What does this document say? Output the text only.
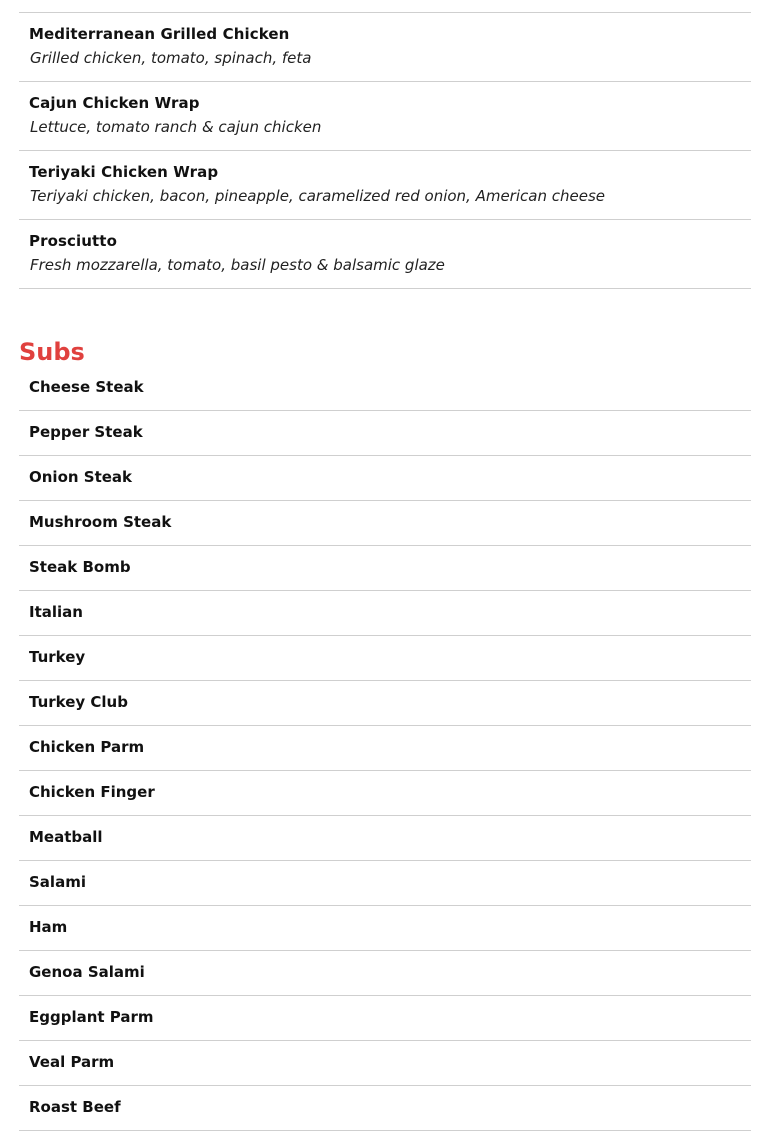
Mediterranean Grilled Chicken
Grilled chicken, tomato, spinach, feta
Cajun Chicken Wrap
Lettuce, tomato ranch & cajun chicken
Teriyaki Chicken Wrap
Teriyaki chicken, bacon, pineapple, caramelized red onion, American cheese
Prosciutto
Fresh mozzarella, tomato, basil pesto & balsamic glaze
Subs
Cheese Steak
Pepper Steak
Onion Steak
Mushroom Steak
Steak Bomb
Italian
Turkey
Turkey Club
Chicken Parm
Chicken Finger
Meatball
Salami
Ham
Genoa Salami
Eggplant Parm
Veal Parm
Roast Beef
